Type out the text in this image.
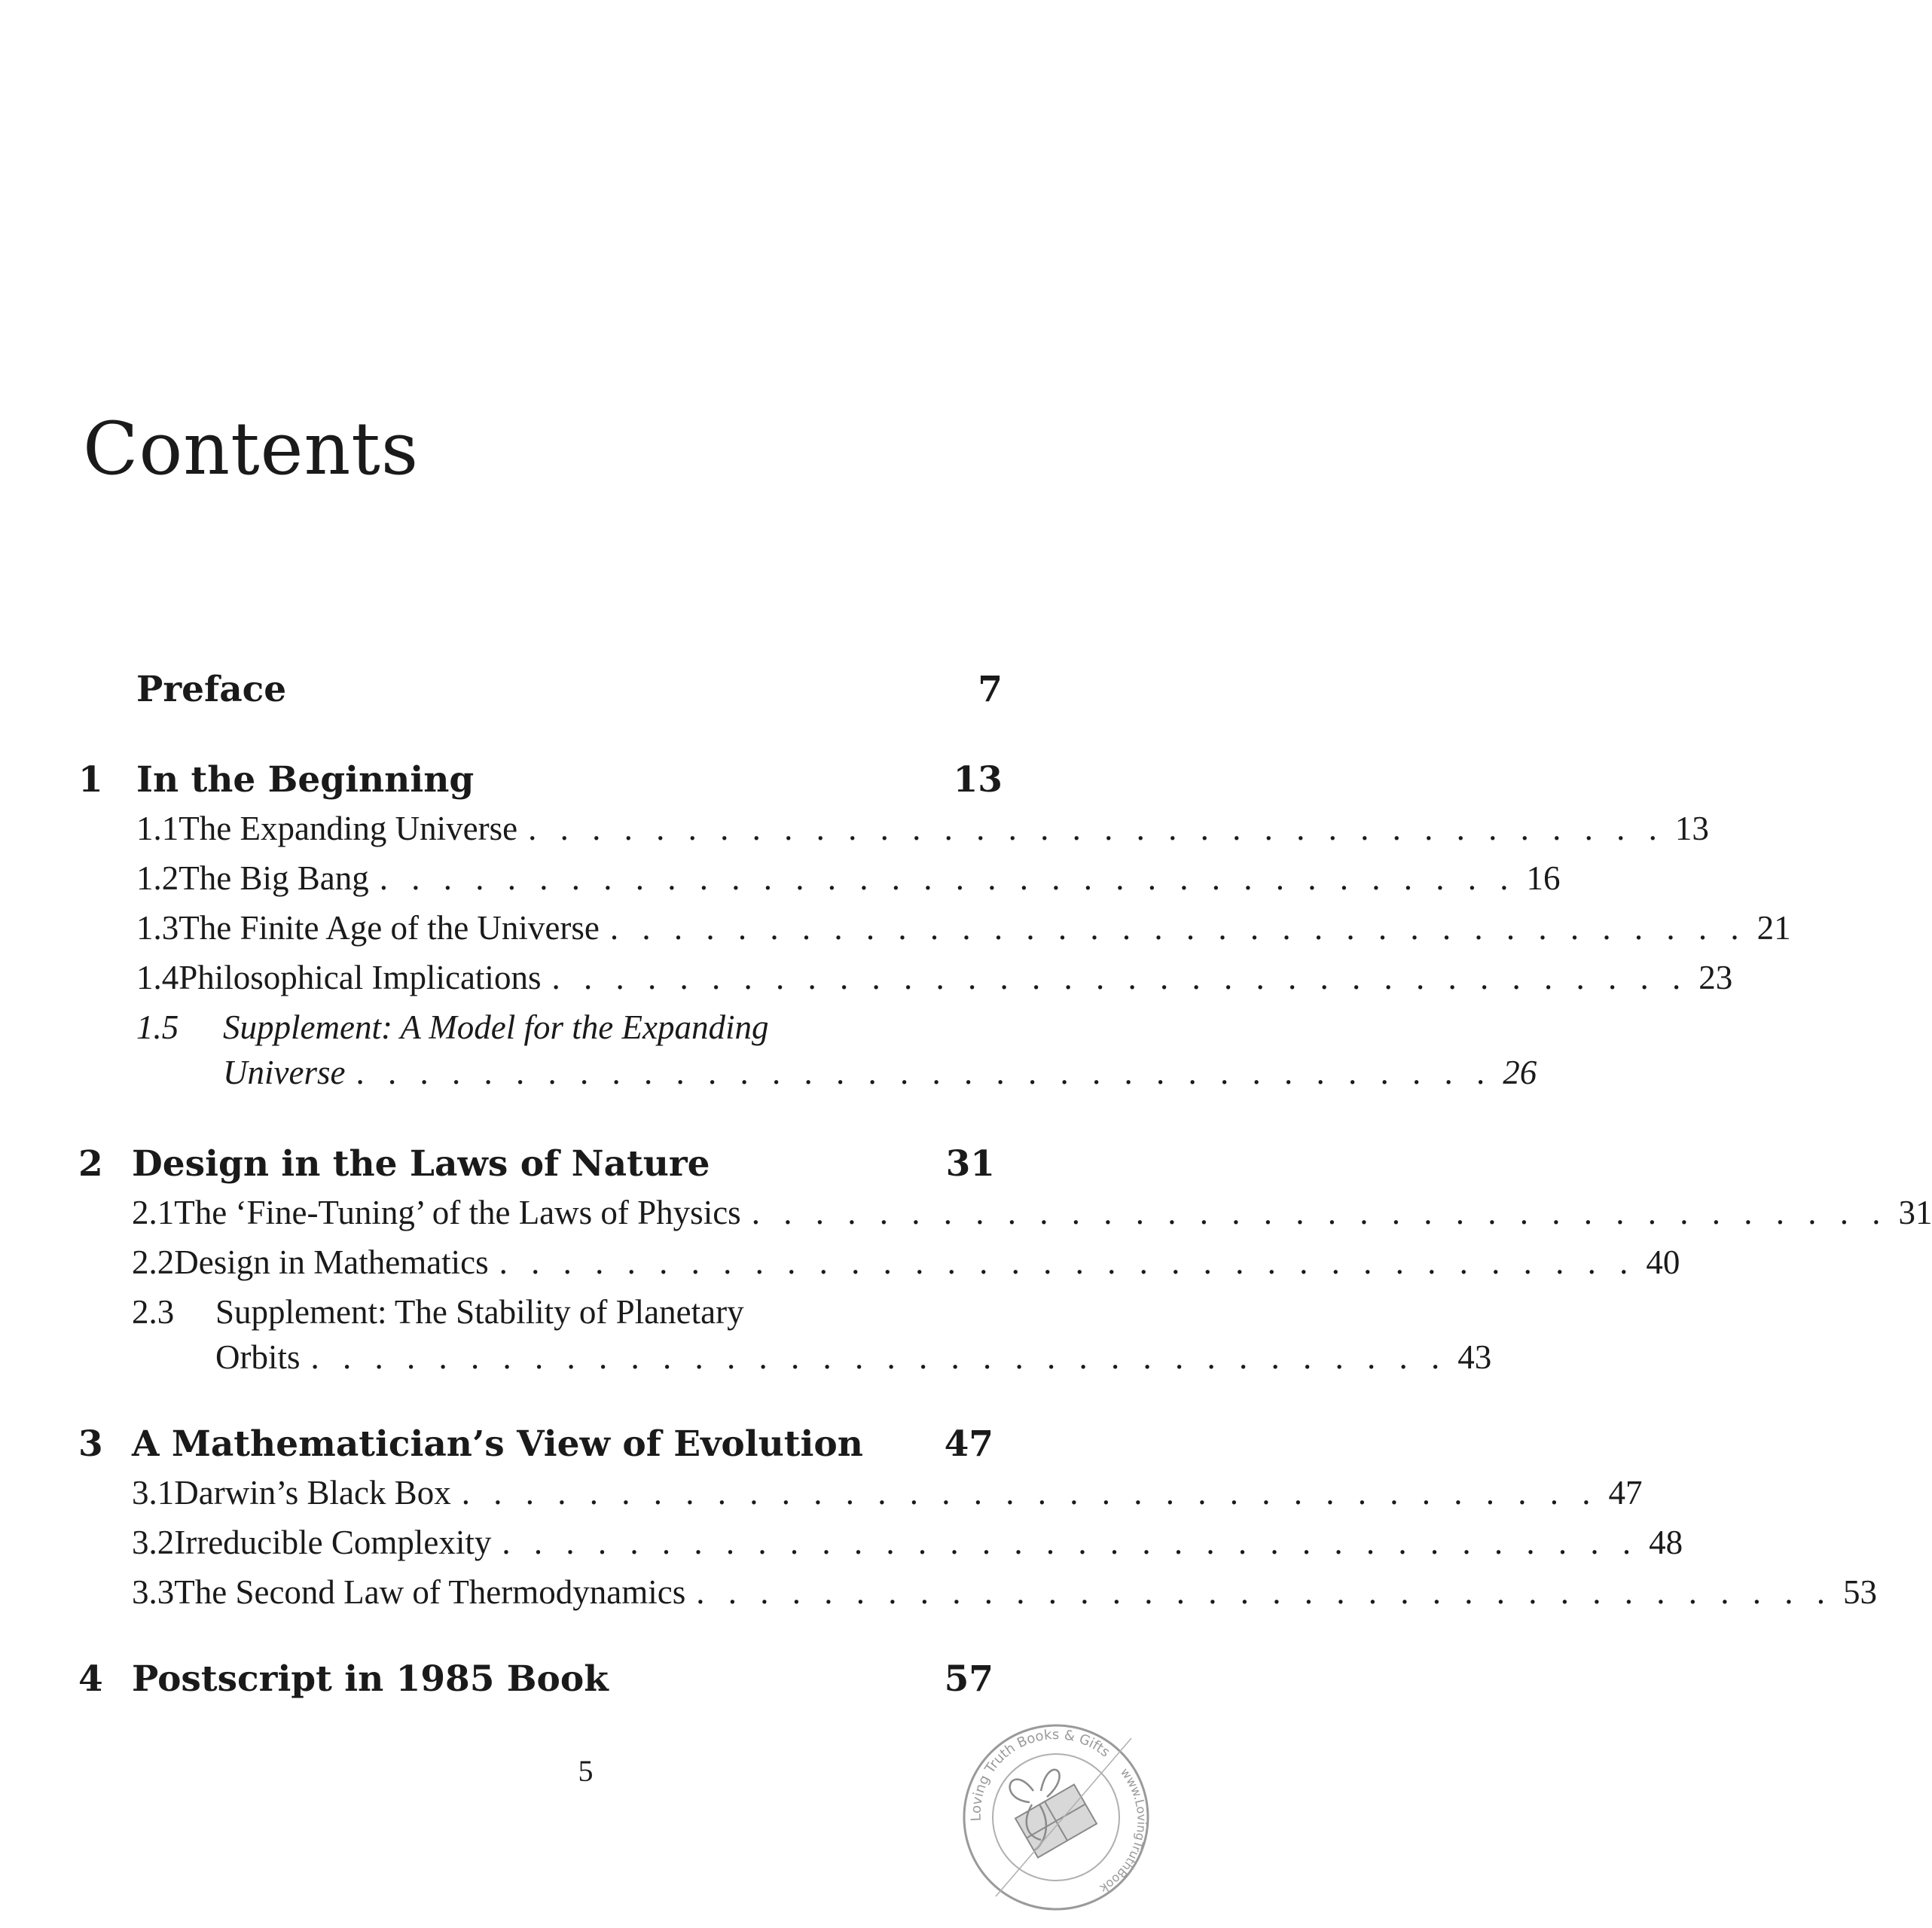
Contents
Preface	7
1 In the Beginning	13
1.1 The Expanding Universe . . . . . . . . . . . . . . . . . . . . . . . . . . . . . . . . . . . . 13
1.2 The Big Bang . . . . . . . . . . . . . . . . . . . . . . . . . . . . . . . . . . . . 16
1.3 The Finite Age of the Universe . . . . . . . . . . . . . . . . . . . . . . . . . . . . . . . . . . . . 21
1.4 Philosophical Implications . . . . . . . . . . . . . . . . . . . . . . . . . . . . . . . . . . . . 23
1.5	Supplement: A Model for the Expanding
Universe . . . . . . . . . . . . . . . . . . . . . . . . . . . . . . . . . . . . 26
2 Design in the Laws of Nature	31
2.1 The ‘Fine-Tuning’ of the Laws of Physics . . . . . . . . . . . . . . . . . . . . . . . . . . . . . . . . . . . . 31
2.2 Design in Mathematics . . . . . . . . . . . . . . . . . . . . . . . . . . . . . . . . . . . . 40
2.3	Supplement: The Stability of Planetary
Orbits . . . . . . . . . . . . . . . . . . . . . . . . . . . . . . . . . . . . 43
3 A Mathematician’s View of Evolution 47
3.1 Darwin’s Black Box . . . . . . . . . . . . . . . . . . . . . . . . . . . . . . . . . . . . 47
3.2 Irreducible Complexity . . . . . . . . . . . . . . . . . . . . . . . . . . . . . . . . . . . . 48
3.3 The Second Law of Thermodynamics . . . . . . . . . . . . . . . . . . . . . . . . . . . . . . . . . . . . 53
4 Postscript in 1985 Book	57
5
Loving Truth Books & Gifts
www.LovingTruthBook
